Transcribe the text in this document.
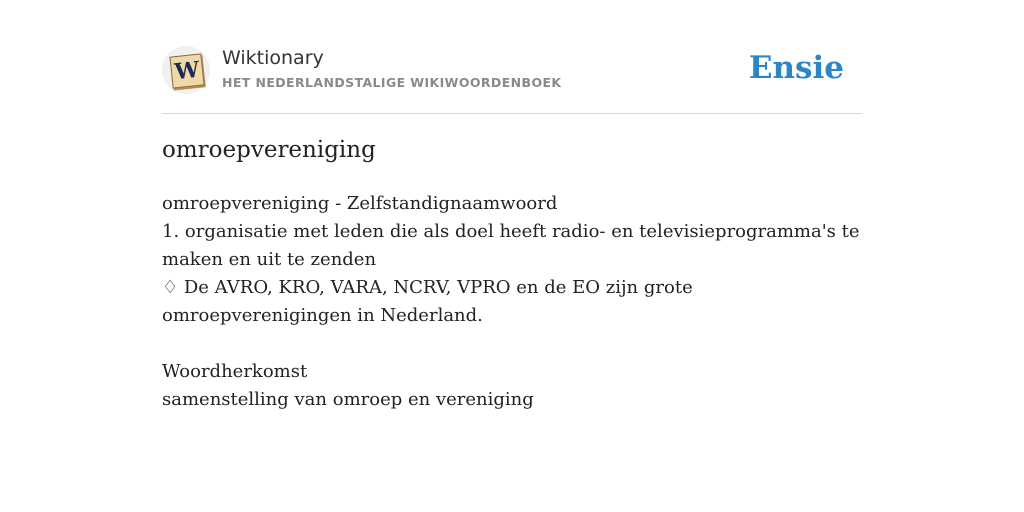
W Wiktionary
HET NEDERLANDSTALIGE WIKIWOORDENBOEK	Ensie
omroepvereniging

omroepvereniging - Zelfstandignaamwoord

1. organisatie met leden die als doel heeft radio- en televisieprogramma's te maken en uit te zenden

♢ De AVRO, KRO, VARA, NCRV, VPRO en de EO zijn grote omroepverenigingen in Nederland.

Woordherkomst

samenstelling van omroep en vereniging
